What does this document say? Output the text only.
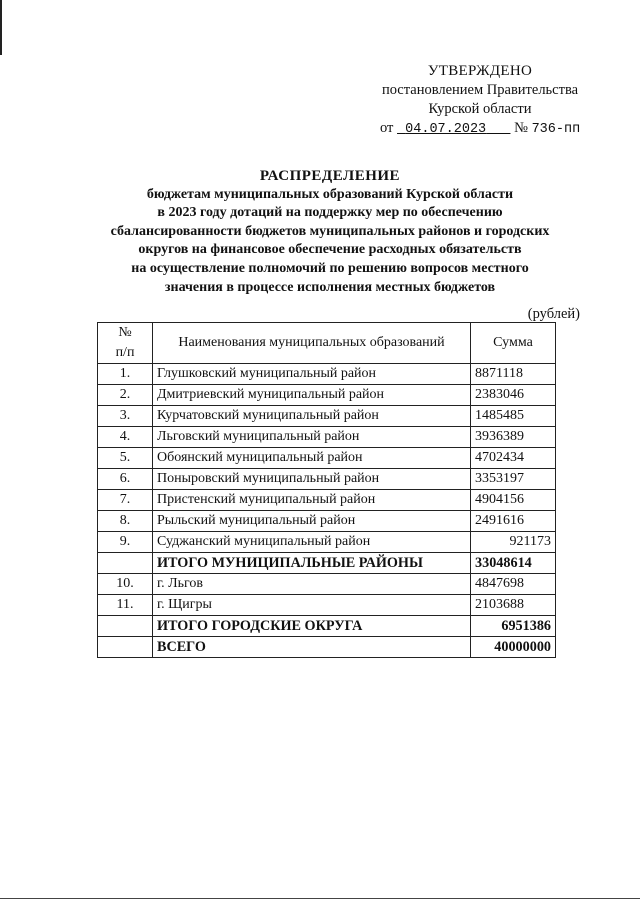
УТВЕРЖДЕНО
постановлением Правительства
Курской области
от 04.07.2023 № 736-пп
РАСПРЕДЕЛЕНИЕ
бюджетам муниципальных образований Курской области
в 2023 году дотаций на поддержку мер по обеспечению
сбалансированности бюджетов муниципальных районов и городских
округов на финансовое обеспечение расходных обязательств
на осуществление полномочий по решению вопросов местного
значения в процессе исполнения местных бюджетов
(рублей)
№
п/п	Наименования муниципальных образований	Сумма
1.	Глушковский муниципальный район	8871118
2.	Дмитриевский муниципальный район	2383046
3.	Курчатовский муниципальный район	1485485
4.	Льговский муниципальный район	3936389
5.	Обоянский муниципальный район	4702434
6.	Поныровский муниципальный район	3353197
7.	Пристенский муниципальный район	4904156
8.	Рыльский муниципальный район	2491616
9.	Суджанский муниципальный район	921173
	ИТОГО МУНИЦИПАЛЬНЫЕ РАЙОНЫ	33048614
10.	г. Льгов	4847698
11.	г. Щигры	2103688
	ИТОГО ГОРОДСКИЕ ОКРУГА	6951386
	ВСЕГО	40000000
